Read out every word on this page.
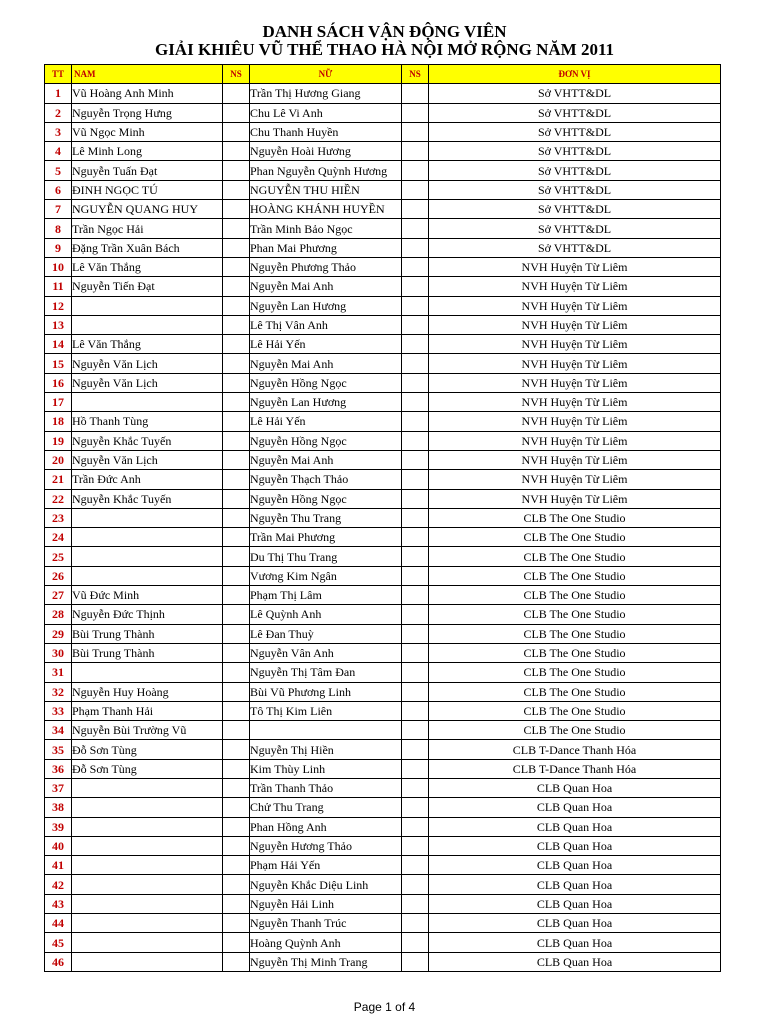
DANH SÁCH VẬN ĐỘNG VIÊN
GIẢI KHIÊU VŨ THỂ THAO HÀ NỘI MỞ RỘNG NĂM 2011
TT	NAM	NS	NỮ	NS	ĐƠN VỊ
1	Vũ Hoàng Anh Minh		Trần Thị Hương Giang		Sở VHTT&DL
2	Nguyễn Trọng Hưng		Chu Lê Vi Anh		Sở VHTT&DL
3	Vũ Ngọc Minh		Chu Thanh Huyền		Sở VHTT&DL
4	Lê Minh Long		Nguyễn Hoài Hương		Sở VHTT&DL
5	Nguyễn Tuấn Đạt		Phan Nguyễn Quỳnh Hương		Sở VHTT&DL
6	ĐINH NGỌC TÚ		NGUYỄN THU HIỀN		Sở VHTT&DL
7	NGUYỄN QUANG HUY		HOÀNG KHÁNH HUYỀN		Sở VHTT&DL
8	Trần Ngọc Hải		Trần Minh Bảo Ngọc		Sở VHTT&DL
9	Đặng Trần Xuân Bách		Phan Mai Phương		Sở VHTT&DL
10	Lê Văn Thắng		Nguyễn Phương Thảo		NVH Huyện Từ Liêm
11	Nguyễn Tiến Đạt		Nguyễn Mai Anh		NVH Huyện Từ Liêm
12			Nguyễn Lan Hương		NVH Huyện Từ Liêm
13			Lê Thị Vân Anh		NVH Huyện Từ Liêm
14	Lê Văn Thắng		Lê Hải Yến		NVH Huyện Từ Liêm
15	Nguyễn Văn Lịch		Nguyễn Mai Anh		NVH Huyện Từ Liêm
16	Nguyễn Văn Lịch		Nguyễn Hồng Ngọc		NVH Huyện Từ Liêm
17			Nguyễn Lan Hương		NVH Huyện Từ Liêm
18	Hồ Thanh Tùng		Lê Hải Yến		NVH Huyện Từ Liêm
19	Nguyễn Khắc Tuyến		Nguyễn Hồng Ngọc		NVH Huyện Từ Liêm
20	Nguyễn Văn Lịch		Nguyễn Mai Anh		NVH Huyện Từ Liêm
21	Trần Đức Anh		Nguyễn Thạch Thảo		NVH Huyện Từ Liêm
22	Nguyễn Khắc Tuyến		Nguyễn Hồng Ngọc		NVH Huyện Từ Liêm
23			Nguyễn Thu Trang		CLB The One Studio
24			Trần Mai Phương		CLB The One Studio
25			Du Thị Thu Trang		CLB The One Studio
26			Vương Kim Ngân		CLB The One Studio
27	Vũ Đức Minh		Phạm Thị Lâm		CLB The One Studio
28	Nguyễn Đức Thịnh		Lê Quỳnh Anh		CLB The One Studio
29	Bùi Trung Thành		Lê Đan Thuỳ		CLB The One Studio
30	Bùi Trung Thành		Nguyễn Vân Anh		CLB The One Studio
31			Nguyễn Thị Tâm Đan		CLB The One Studio
32	Nguyễn Huy Hoàng		Bùi Vũ Phương Linh		CLB The One Studio
33	Phạm Thanh Hải		Tô Thị Kim Liên		CLB The One Studio
34	Nguyễn Bùi Trường Vũ				CLB The One Studio
35	Đỗ Sơn Tùng		Nguyễn Thị Hiền		CLB T-Dance Thanh Hóa
36	Đỗ Sơn Tùng		Kim Thùy Linh		CLB T-Dance Thanh Hóa
37			Trần Thanh Thảo		CLB Quan Hoa
38			Chử Thu Trang		CLB Quan Hoa
39			Phan Hồng Anh		CLB Quan Hoa
40			Nguyễn Hương Thảo		CLB Quan Hoa
41			Phạm Hải Yến		CLB Quan Hoa
42			Nguyễn Khắc Diệu Linh		CLB Quan Hoa
43			Nguyễn Hải Linh		CLB Quan Hoa
44			Nguyễn Thanh Trúc		CLB Quan Hoa
45			Hoàng Quỳnh Anh		CLB Quan Hoa
46			Nguyễn Thị Minh Trang		CLB Quan Hoa
Page 1 of 4
